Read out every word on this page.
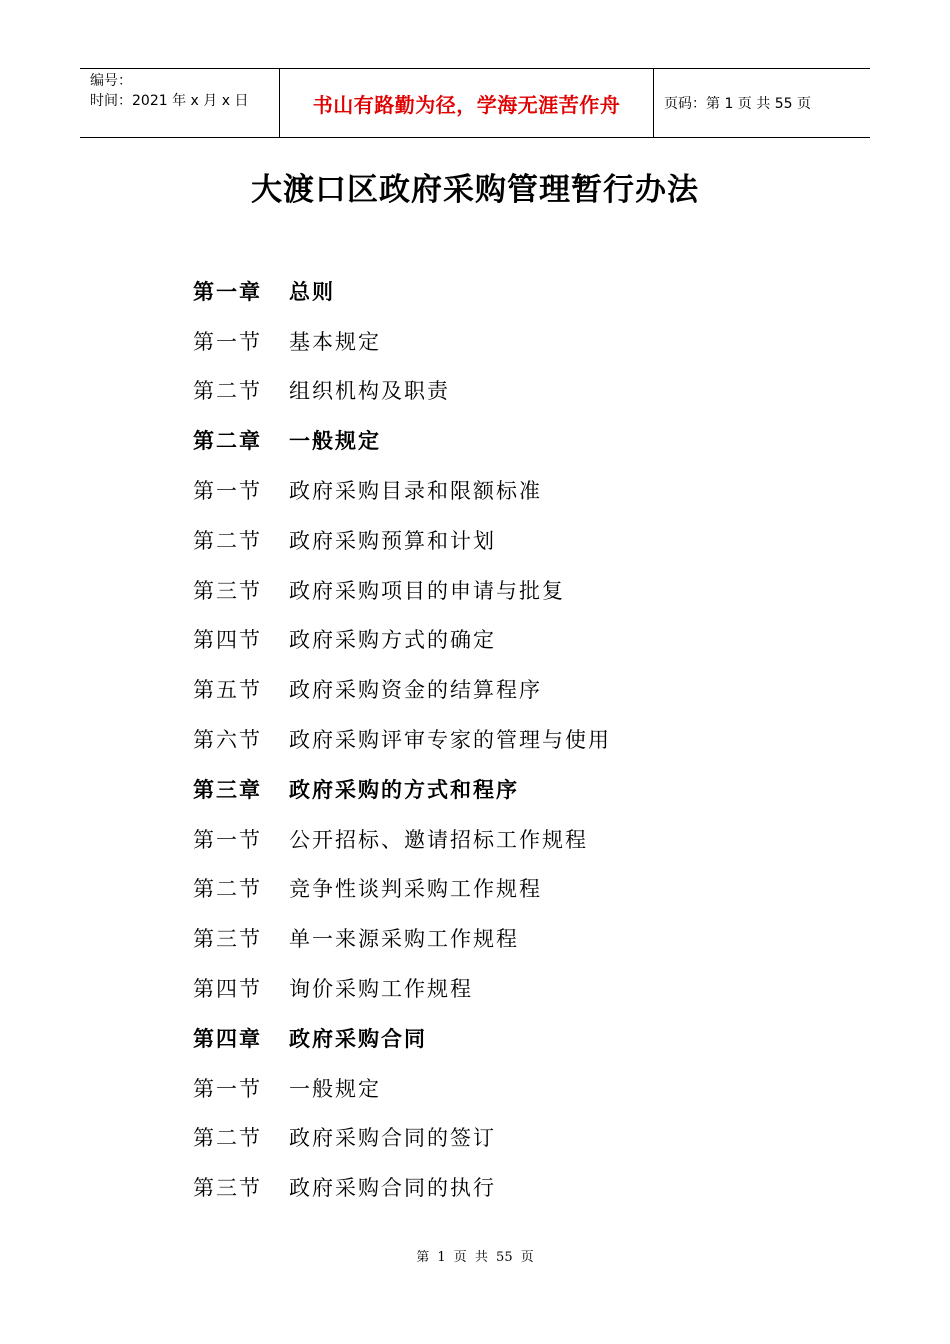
编号：
时间：2021 年 x 月 x 日	书山有路勤为径，学海无涯苦作舟	页码：第 1 页 共 55 页
大渡口区政府采购管理暂行办法
第一章	总则
第一节	基本规定
第二节	组织机构及职责
第二章	一般规定
第一节	政府采购目录和限额标准
第二节	政府采购预算和计划
第三节	政府采购项目的申请与批复
第四节	政府采购方式的确定
第五节	政府采购资金的结算程序
第六节	政府采购评审专家的管理与使用
第三章	政府采购的方式和程序
第一节	公开招标、邀请招标工作规程
第二节	竞争性谈判采购工作规程
第三节	单一来源采购工作规程
第四节	询价采购工作规程
第四章	政府采购合同
第一节	一般规定
第二节	政府采购合同的签订
第三节	政府采购合同的执行
第 1 页 共 55 页
